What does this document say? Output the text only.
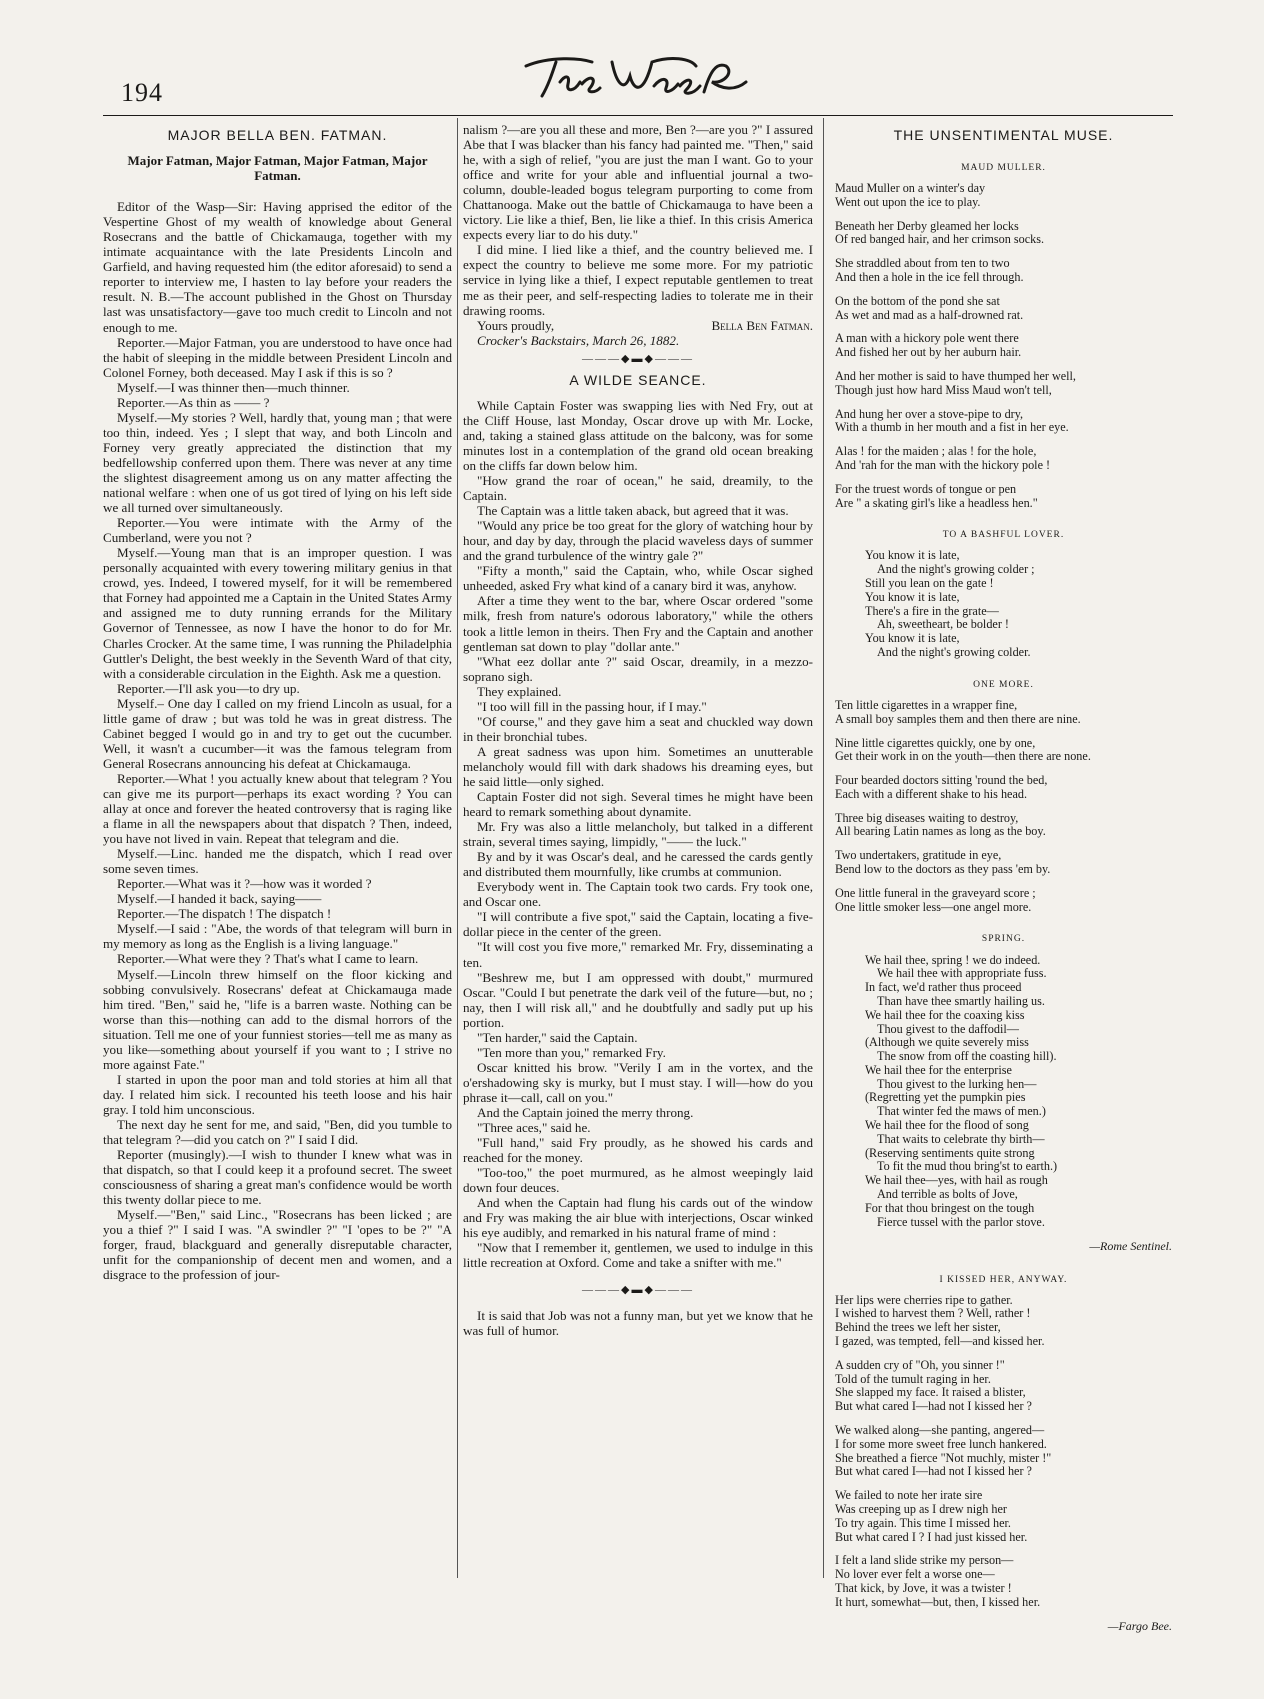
194
MAJOR BELLA BEN. FATMAN.
Major Fatman, Major Fatman, Major Fatman, Major Fatman.

Editor of the Wasp—Sir: Having apprised the editor of the Vespertine Ghost of my wealth of knowledge about General Rosecrans and the battle of Chickamauga, together with my intimate acquaintance with the late Presidents Lincoln and Garfield, and having requested him (the editor aforesaid) to send a reporter to interview me, I hasten to lay before your readers the result. N. B.—The account published in the Ghost on Thursday last was unsatisfactory—gave too much credit to Lincoln and not enough to me.

Reporter.—Major Fatman, you are understood to have once had the habit of sleeping in the middle between President Lincoln and Colonel Forney, both deceased. May I ask if this is so ?

Myself.—I was thinner then—much thinner.

Reporter.—As thin as —— ?

Myself.—My stories ? Well, hardly that, young man ; that were too thin, indeed. Yes ; I slept that way, and both Lincoln and Forney very greatly appreciated the distinction that my bedfellowship conferred upon them. There was never at any time the slightest disagreement among us on any matter affecting the national welfare : when one of us got tired of lying on his left side we all turned over simultaneously.

Reporter.—You were intimate with the Army of the Cumberland, were you not ?

Myself.—Young man that is an improper question. I was personally acquainted with every towering military genius in that crowd, yes. Indeed, I towered myself, for it will be remembered that Forney had appointed me a Captain in the United States Army and assigned me to duty running errands for the Military Governor of Tennessee, as now I have the honor to do for Mr. Charles Crocker. At the same time, I was running the Philadelphia Guttler's Delight, the best weekly in the Seventh Ward of that city, with a considerable circulation in the Eighth. Ask me a question.

Reporter.—I'll ask you—to dry up.

Myself.– One day I called on my friend Lincoln as usual, for a little game of draw ; but was told he was in great distress. The Cabinet begged I would go in and try to get out the cucumber. Well, it wasn't a cucumber—it was the famous telegram from General Rosecrans announcing his defeat at Chickamauga.

Reporter.—What ! you actually knew about that telegram ? You can give me its purport—perhaps its exact wording ? You can allay at once and forever the heated controversy that is raging like a flame in all the newspapers about that dispatch ? Then, indeed, you have not lived in vain. Repeat that telegram and die.

Myself.—Linc. handed me the dispatch, which I read over some seven times.

Reporter.—What was it ?—how was it worded ?

Myself.—I handed it back, saying——

Reporter.—The dispatch ! The dispatch !

Myself.—I said : "Abe, the words of that telegram will burn in my memory as long as the English is a living language."

Reporter.—What were they ? That's what I came to learn.

Myself.—Lincoln threw himself on the floor kicking and sobbing convulsively. Rosecrans' defeat at Chickamauga made him tired. "Ben," said he, "life is a barren waste. Nothing can be worse than this—nothing can add to the dismal horrors of the situation. Tell me one of your funniest stories—tell me as many as you like—something about yourself if you want to ; I strive no more against Fate."

I started in upon the poor man and told stories at him all that day. I related him sick. I recounted his teeth loose and his hair gray. I told him unconscious.

The next day he sent for me, and said, "Ben, did you tumble to that telegram ?—did you catch on ?" I said I did.

Reporter (musingly).—I wish to thunder I knew what was in that dispatch, so that I could keep it a profound secret. The sweet consciousness of sharing a great man's confidence would be worth this twenty dollar piece to me.

Myself.—"Ben," said Linc., "Rosecrans has been licked ; are you a thief ?" I said I was. "A swindler ?" "I 'opes to be ?" "A forger, fraud, blackguard and generally disreputable character, unfit for the companionship of decent men and women, and a disgrace to the profession of jour-

nalism ?—are you all these and more, Ben ?—are you ?" I assured Abe that I was blacker than his fancy had painted me. "Then," said he, with a sigh of relief, "you are just the man I want. Go to your office and write for your able and influential journal a two-column, double-leaded bogus telegram purporting to come from Chattanooga. Make out the battle of Chickamauga to have been a victory. Lie like a thief, Ben, lie like a thief. In this crisis America expects every liar to do his duty."

I did mine. I lied like a thief, and the country believed me. I expect the country to believe me some more. For my patriotic service in lying like a thief, I expect reputable gentlemen to treat me as their peer, and self-respecting ladies to tolerate me in their drawing rooms.

Yours proudly,	Bella Ben Fatman.

Crocker's Backstairs, March 26, 1882.

———◆▬◆———
A WILDE SEANCE.

While Captain Foster was swapping lies with Ned Fry, out at the Cliff House, last Monday, Oscar drove up with Mr. Locke, and, taking a stained glass attitude on the balcony, was for some minutes lost in a contemplation of the grand old ocean breaking on the cliffs far down below him.

"How grand the roar of ocean," he said, dreamily, to the Captain.

The Captain was a little taken aback, but agreed that it was.

"Would any price be too great for the glory of watching hour by hour, and day by day, through the placid waveless days of summer and the grand turbulence of the wintry gale ?"

"Fifty a month," said the Captain, who, while Oscar sighed unheeded, asked Fry what kind of a canary bird it was, anyhow.

After a time they went to the bar, where Oscar ordered "some milk, fresh from nature's odorous laboratory," while the others took a little lemon in theirs. Then Fry and the Captain and another gentleman sat down to play "dollar ante."

"What eez dollar ante ?" said Oscar, dreamily, in a mezzo-soprano sigh.

They explained.

"I too will fill in the passing hour, if I may."

"Of course," and they gave him a seat and chuckled way down in their bronchial tubes.

A great sadness was upon him. Sometimes an unutterable melancholy would fill with dark shadows his dreaming eyes, but he said little—only sighed.

Captain Foster did not sigh. Several times he might have been heard to remark something about dynamite.

Mr. Fry was also a little melancholy, but talked in a different strain, several times saying, limpidly, "—— the luck."

By and by it was Oscar's deal, and he caressed the cards gently and distributed them mournfully, like crumbs at communion.

Everybody went in. The Captain took two cards. Fry took one, and Oscar one.

"I will contribute a five spot," said the Captain, locating a five-dollar piece in the center of the green.

"It will cost you five more," remarked Mr. Fry, disseminating a ten.

"Beshrew me, but I am oppressed with doubt," murmured Oscar. "Could I but penetrate the dark veil of the future—but, no ; nay, then I will risk all," and he doubtfully and sadly put up his portion.

"Ten harder," said the Captain.

"Ten more than you," remarked Fry.

Oscar knitted his brow. "Verily I am in the vortex, and the o'ershadowing sky is murky, but I must stay. I will—how do you phrase it—call, call on you."

And the Captain joined the merry throng.

"Three aces," said he.

"Full hand," said Fry proudly, as he showed his cards and reached for the money.

"Too-too," the poet murmured, as he almost weepingly laid down four deuces.

And when the Captain had flung his cards out of the window and Fry was making the air blue with interjections, Oscar winked his eye audibly, and remarked in his natural frame of mind :

"Now that I remember it, gentlemen, we used to indulge in this little recreation at Oxford. Come and take a snifter with me."

———◆▬◆———

It is said that Job was not a funny man, but yet we know that he was full of humor.

THE UNSENTIMENTAL MUSE.
MAUD MULLER.
Maud Muller on a winter's day
Went out upon the ice to play.
Beneath her Derby gleamed her locks
Of red banged hair, and her crimson socks.
She straddled about from ten to two
And then a hole in the ice fell through.
On the bottom of the pond she sat
As wet and mad as a half-drowned rat.
A man with a hickory pole went there
And fished her out by her auburn hair.
And her mother is said to have thumped her well,
Though just how hard Miss Maud won't tell,
And hung her over a stove-pipe to dry,
With a thumb in her mouth and a fist in her eye.
Alas ! for the maiden ; alas ! for the hole,
And 'rah for the man with the hickory pole !
For the truest words of tongue or pen
Are " a skating girl's like a headless hen."
TO A BASHFUL LOVER.
You know it is late,
And the night's growing colder ;
Still you lean on the gate !
You know it is late,
There's a fire in the grate—
Ah, sweetheart, be bolder !
You know it is late,
And the night's growing colder.
ONE MORE.
Ten little cigarettes in a wrapper fine,
A small boy samples them and then there are nine.
Nine little cigarettes quickly, one by one,
Get their work in on the youth—then there are none.
Four bearded doctors sitting 'round the bed,
Each with a different shake to his head.
Three big diseases waiting to destroy,
All bearing Latin names as long as the boy.
Two undertakers, gratitude in eye,
Bend low to the doctors as they pass 'em by.
One little funeral in the graveyard score ;
One little smoker less—one angel more.
SPRING.
We hail thee, spring ! we do indeed.
We hail thee with appropriate fuss.
In fact, we'd rather thus proceed
Than have thee smartly hailing us.
We hail thee for the coaxing kiss
Thou givest to the daffodil—
(Although we quite severely miss
The snow from off the coasting hill).
We hail thee for the enterprise
Thou givest to the lurking hen—
(Regretting yet the pumpkin pies
That winter fed the maws of men.)
We hail thee for the flood of song
That waits to celebrate thy birth—
(Reserving sentiments quite strong
To fit the mud thou bring'st to earth.)
We hail thee—yes, with hail as rough
And terrible as bolts of Jove,
For that thou bringest on the tough
Fierce tussel with the parlor stove.
—Rome Sentinel.
I KISSED HER, ANYWAY.
Her lips were cherries ripe to gather.
I wished to harvest them ? Well, rather !
Behind the trees we left her sister,
I gazed, was tempted, fell—and kissed her.
A sudden cry of "Oh, you sinner !"
Told of the tumult raging in her.
She slapped my face. It raised a blister,
But what cared I—had not I kissed her ?
We walked along—she panting, angered—
I for some more sweet free lunch hankered.
She breathed a fierce "Not muchly, mister !"
But what cared I—had not I kissed her ?
We failed to note her irate sire
Was creeping up as I drew nigh her
To try again. This time I missed her.
But what cared I ? I had just kissed her.
I felt a land slide strike my person—
No lover ever felt a worse one—
That kick, by Jove, it was a twister !
It hurt, somewhat—but, then, I kissed her.
—Fargo Bee.
